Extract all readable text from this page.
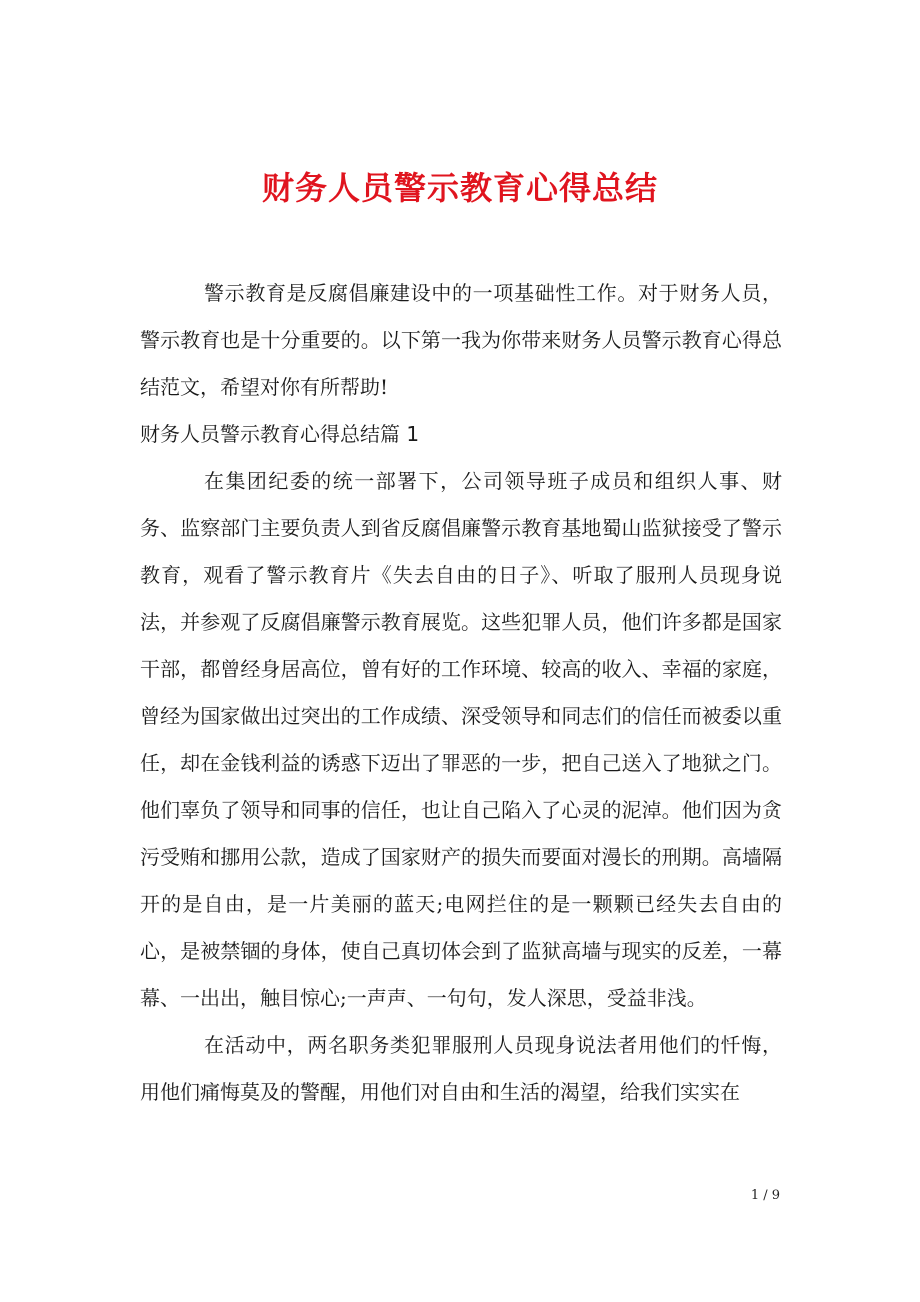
财务人员警示教育心得总结

警示教育是反腐倡廉建设中的一项基础性工作。对于财务人员，警示教育也是十分重要的。以下第一我为你带来财务人员警示教育心得总结范文，希望对你有所帮助!

财务人员警示教育心得总结篇 1

在集团纪委的统一部署下，公司领导班子成员和组织人事、财务、监察部门主要负责人到省反腐倡廉警示教育基地蜀山监狱接受了警示教育，观看了警示教育片《失去自由的日子》、听取了服刑人员现身说法，并参观了反腐倡廉警示教育展览。这些犯罪人员，他们许多都是国家干部，都曾经身居高位，曾有好的工作环境、较高的收入、幸福的家庭，曾经为国家做出过突出的工作成绩、深受领导和同志们的信任而被委以重任，却在金钱利益的诱惑下迈出了罪恶的一步，把自己送入了地狱之门。他们辜负了领导和同事的信任，也让自己陷入了心灵的泥淖。他们因为贪污受贿和挪用公款，造成了国家财产的损失而要面对漫长的刑期。高墙隔开的是自由，是一片美丽的蓝天;电网拦住的是一颗颗已经失去自由的心，是被禁锢的身体，使自己真切体会到了监狱高墙与现实的反差，一幕幕、一出出，触目惊心;一声声、一句句，发人深思，受益非浅。

在活动中，两名职务类犯罪服刑人员现身说法者用他们的忏悔，用他们痛悔莫及的警醒，用他们对自由和生活的渴望，给我们实实在

1 / 9
